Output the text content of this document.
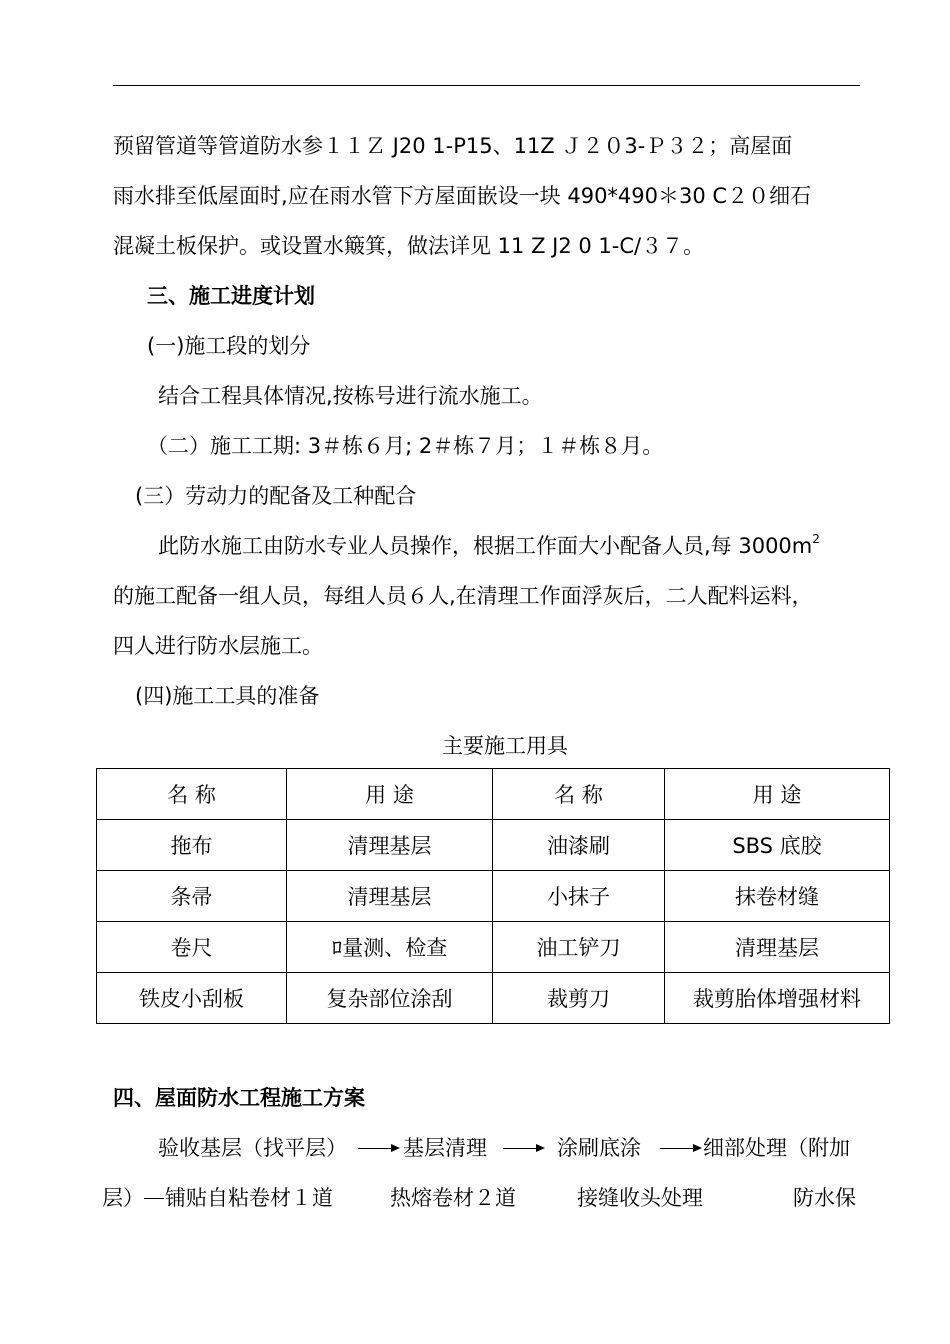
预留管道等管道防水参１１Ｚ J20 1-P15、11Z Ｊ２０3-Ｐ３２；高屋面
雨水排至低屋面时,应在雨水管下方屋面嵌设一块 490*490＊30 C２０细石
混凝土板保护。或设置水簸箕，做法详见 11 Z J2 0 1-C/３７。
三、施工进度计划
(一)施工段的划分
结合工程具体情况,按栋号进行流水施工。
（二）施工工期: 3＃栋６月; 2＃栋７月；１＃栋８月。
(三）劳动力的配备及工种配合
此防水施工由防水专业人员操作，根据工作面大小配备人员,每 $3000m^2$
的施工配备一组人员，每组人员６人,在清理工作面浮灰后，二人配料运料，
四人进行防水层施工。
(四)施工工具的准备
主要施工用具
名 称	用 途	名 称	用 途
拖布	清理基层	油漆刷	SBS 底胶
条帚	清理基层	小抹子	抹卷材缝
卷尺	ﾛ量测、检查	油工铲刀	清理基层
铁皮小刮板	复杂部位涂刮	裁剪刀	裁剪胎体增强材料
四、屋面防水工程施工方案
验收基层（找平层）	基层清理	涂刷底涂	细部处理（附加
层） 铺贴自粘卷材１道	热熔卷材２道	接缝收头处理	防水保
